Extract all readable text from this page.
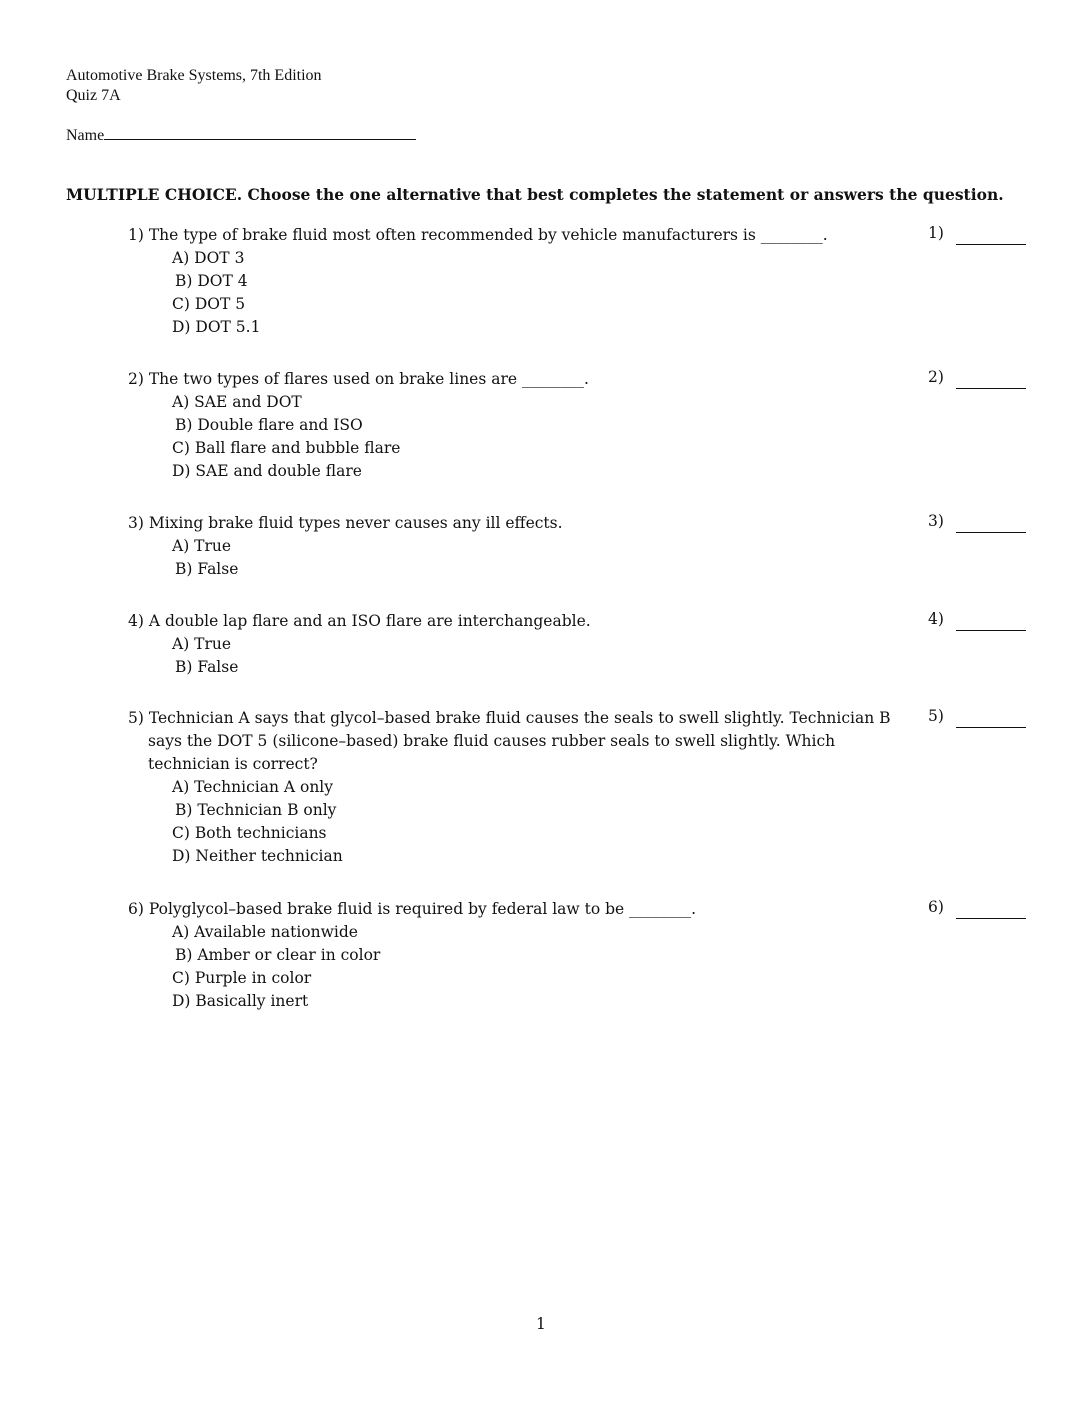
Automotive Brake Systems, 7th Edition
Quiz 7A
Name
MULTIPLE CHOICE. Choose the one alternative that best completes the statement or answers the question.
1) The type of brake fluid most often recommended by vehicle manufacturers is ________.
A) DOT 3
B) DOT 4
C) DOT 5
D) DOT 5.1
1)
2) The two types of flares used on brake lines are ________.
A) SAE and DOT
B) Double flare and ISO
C) Ball flare and bubble flare
D) SAE and double flare
2)
3) Mixing brake fluid types never causes any ill effects.
A) True
B) False
3)
4) A double lap flare and an ISO flare are interchangeable.
A) True
B) False
4)
5) Technician A says that glycol–based brake fluid causes the seals to swell slightly. Technician B says the DOT 5 (silicone–based) brake fluid causes rubber seals to swell slightly. Which technician is correct?
A) Technician A only
B) Technician B only
C) Both technicians
D) Neither technician
5)
6) Polyglycol–based brake fluid is required by federal law to be ________.
A) Available nationwide
B) Amber or clear in color
C) Purple in color
D) Basically inert
6)
1
